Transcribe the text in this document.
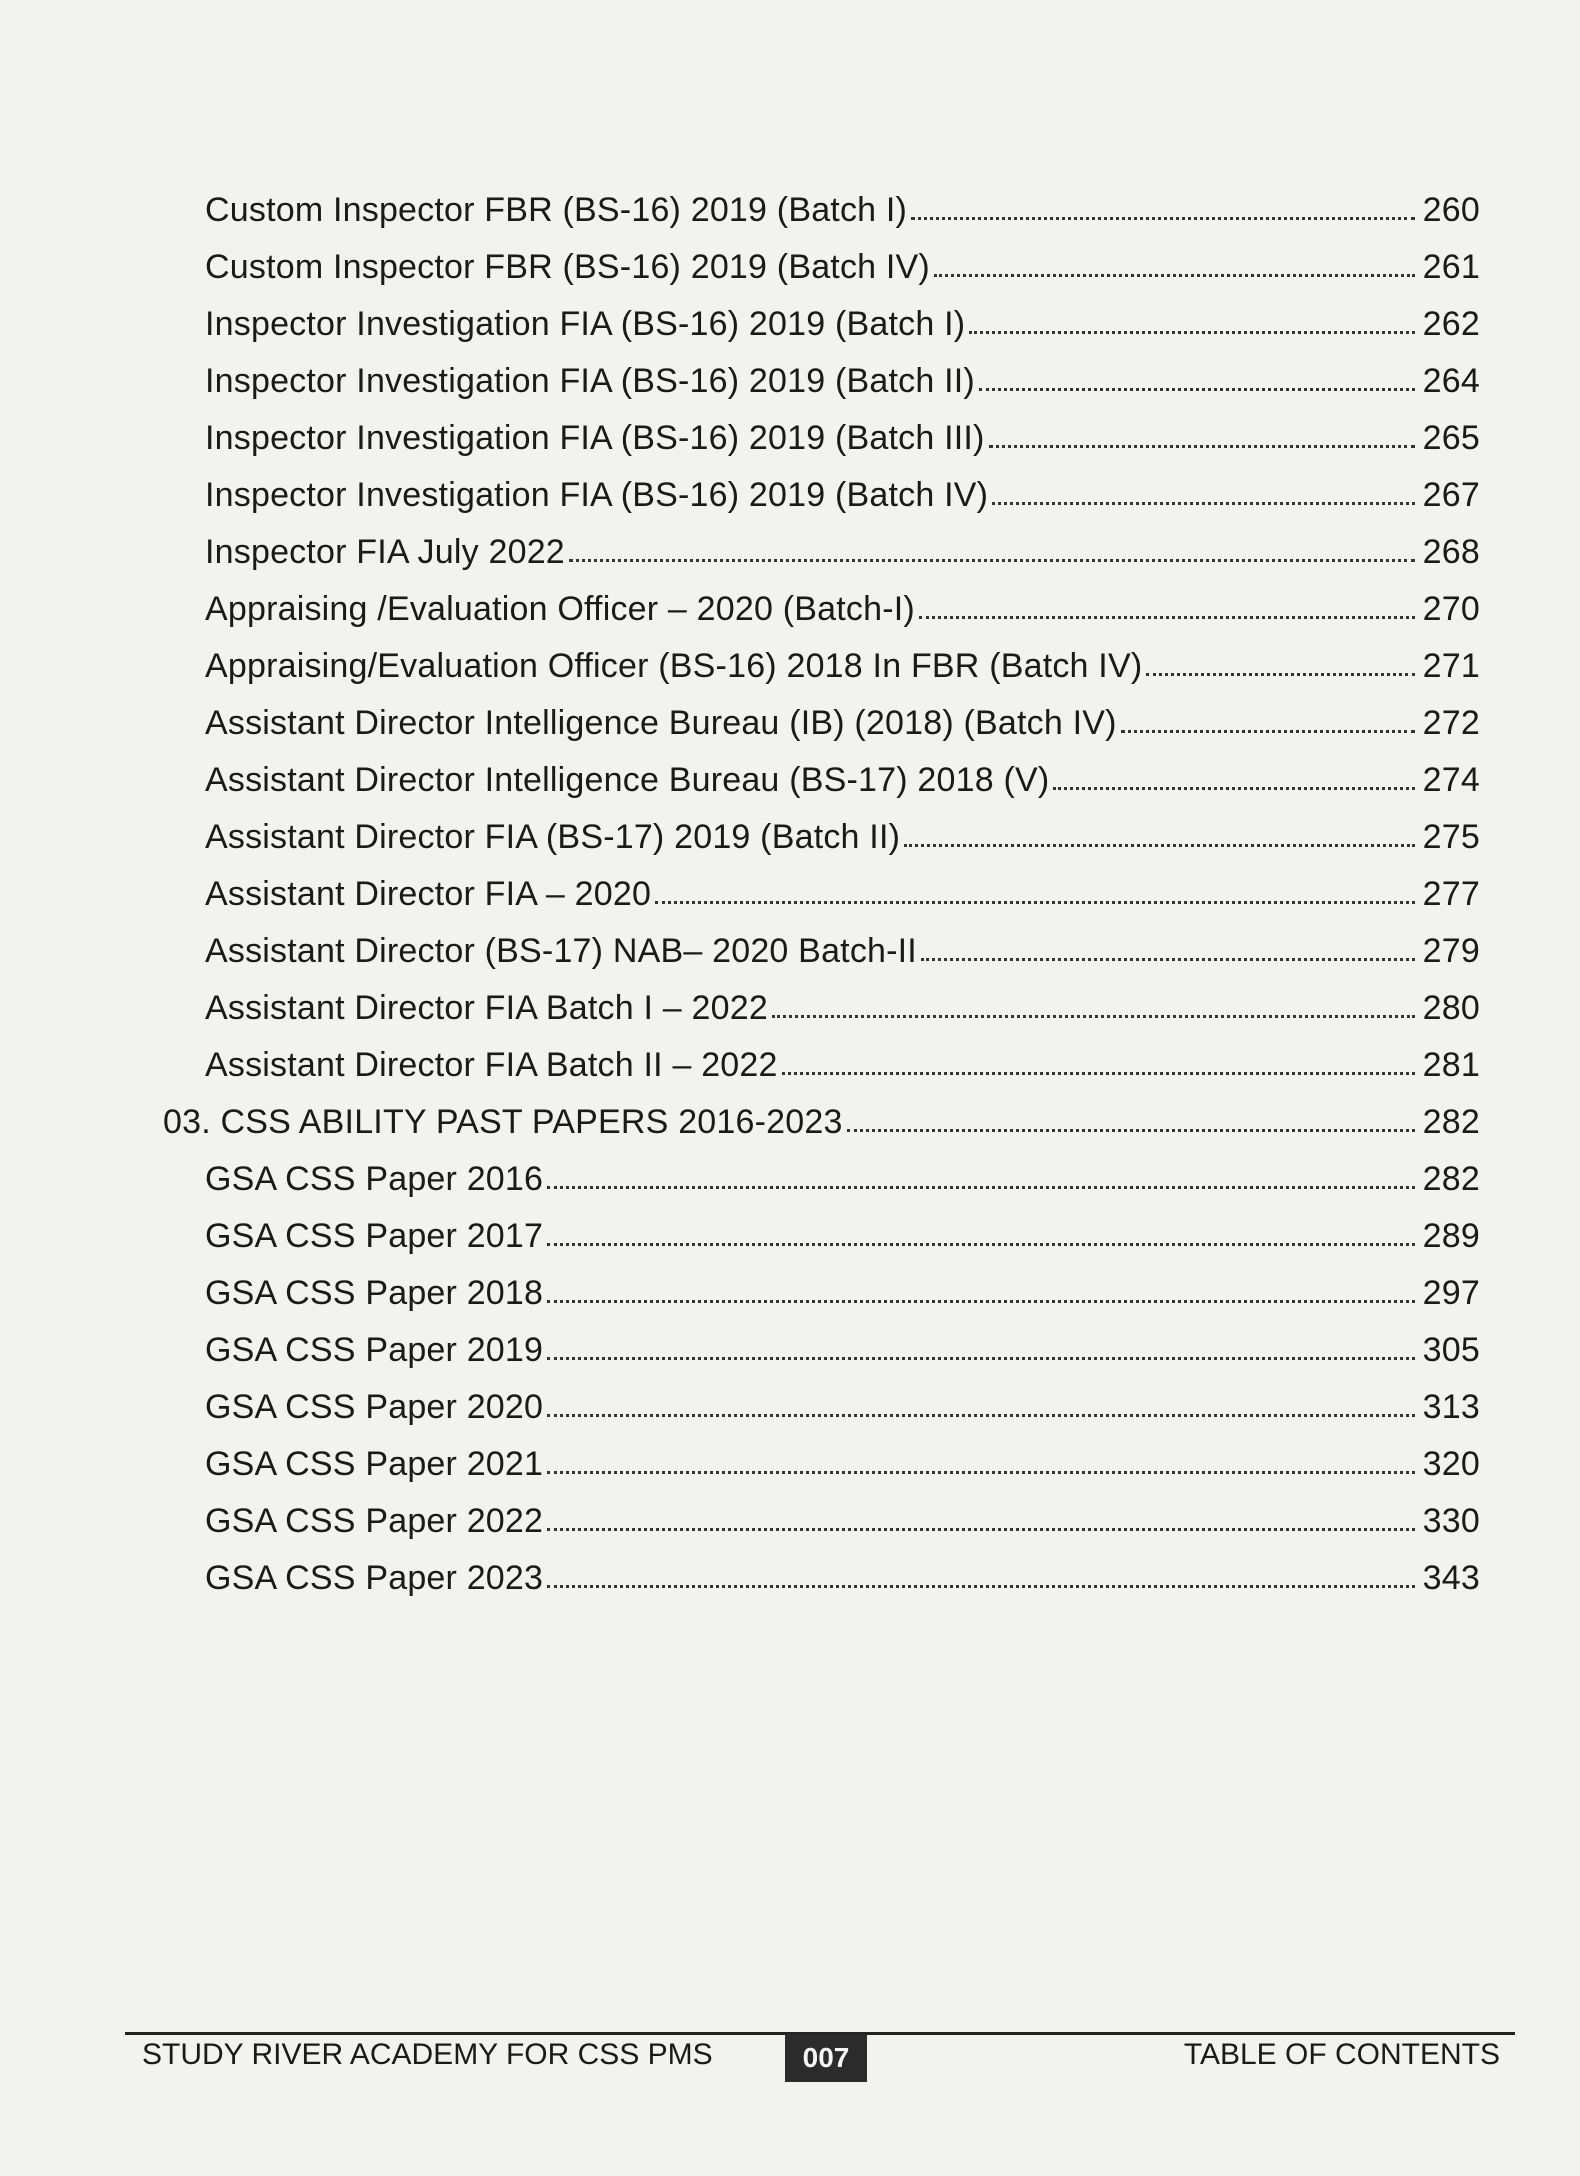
Custom Inspector FBR (BS-16) 2019 (Batch I)	260
Custom Inspector FBR (BS-16) 2019 (Batch IV)	261
Inspector Investigation FIA (BS-16) 2019 (Batch I)	262
Inspector Investigation FIA (BS-16) 2019 (Batch II)	264
Inspector Investigation FIA (BS-16) 2019 (Batch III)	265
Inspector Investigation FIA (BS-16) 2019 (Batch IV)	267
Inspector FIA July 2022	268
Appraising /Evaluation Officer – 2020 (Batch-I)	270
Appraising/Evaluation Officer (BS-16) 2018 In FBR (Batch IV)	271
Assistant Director Intelligence Bureau (IB) (2018) (Batch IV)	272
Assistant Director Intelligence Bureau (BS-17) 2018 (V)	274
Assistant Director FIA (BS-17) 2019 (Batch II)	275
Assistant Director FIA – 2020	277
Assistant Director (BS-17) NAB– 2020 Batch-II	279
Assistant Director FIA Batch I – 2022	280
Assistant Director FIA Batch II – 2022	281
03. CSS ABILITY PAST PAPERS 2016-2023	282
GSA CSS Paper 2016	282
GSA CSS Paper 2017	289
GSA CSS Paper 2018	297
GSA CSS Paper 2019	305
GSA CSS Paper 2020	313
GSA CSS Paper 2021	320
GSA CSS Paper 2022	330
GSA CSS Paper 2023	343
STUDY RIVER ACADEMY FOR CSS PMS	007	TABLE OF CONTENTS
